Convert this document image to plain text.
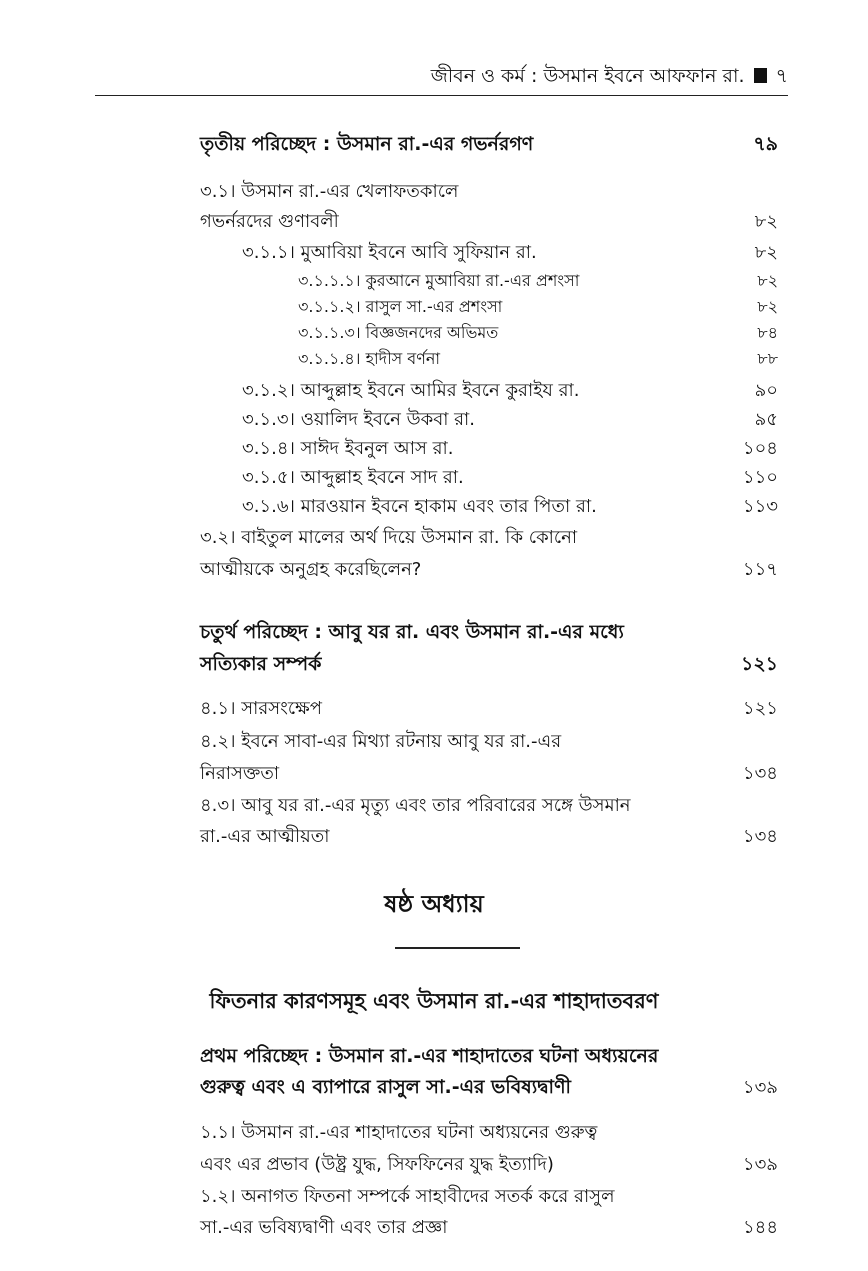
জীবন ও কর্ম : উসমান ইবনে আফফান রা. ৭
তৃতীয় পরিচ্ছেদ : উসমান রা.-এর গভর্নরগণ	৭৯
৩.১। উসমান রা.-এর খেলাফতকালে
গভর্নরদের গুণাবলী	৮২
৩.১.১। মুআবিয়া ইবনে আবি সুফিয়ান রা.	৮২
৩.১.১.১। কুরআনে মুআবিয়া রা.-এর প্রশংসা	৮২
৩.১.১.২। রাসুল সা.-এর প্রশংসা	৮২
৩.১.১.৩। বিজ্ঞজনদের অভিমত	৮৪
৩.১.১.৪। হাদীস বর্ণনা	৮৮
৩.১.২। আব্দুল্লাহ ইবনে আমির ইবনে কুরাইয রা.	৯০
৩.১.৩। ওয়ালিদ ইবনে উকবা রা.	৯৫
৩.১.৪। সাঈদ ইবনুল আস রা.	১০৪
৩.১.৫। আব্দুল্লাহ ইবনে সাদ রা.	১১০
৩.১.৬। মারওয়ান ইবনে হাকাম এবং তার পিতা রা.	১১৩
৩.২। বাইতুল মালের অর্থ দিয়ে উসমান রা. কি কোনো
আত্মীয়কে অনুগ্রহ করেছিলেন?	১১৭
চতুর্থ পরিচ্ছেদ : আবু যর রা. এবং উসমান রা.-এর মধ্যে
সত্যিকার সম্পর্ক	১২১
৪.১। সারসংক্ষেপ	১২১
৪.২। ইবনে সাবা-এর মিথ্যা রটনায় আবু যর রা.-এর
নিরাসক্ততা	১৩৪
৪.৩। আবু যর রা.-এর মৃত্যু এবং তার পরিবারের সঙ্গে উসমান
রা.-এর আত্মীয়তা	১৩৪
ষষ্ঠ অধ্যায়
ফিতনার কারণসমূহ এবং উসমান রা.-এর শাহাদাতবরণ
প্রথম পরিচ্ছেদ : উসমান রা.-এর শাহাদাতের ঘটনা অধ্যয়নের
গুরুত্ব এবং এ ব্যাপারে রাসুল সা.-এর ভবিষ্যদ্বাণী	১৩৯
১.১। উসমান রা.-এর শাহাদাতের ঘটনা অধ্যয়নের গুরুত্ব
এবং এর প্রভাব (উষ্ট্র যুদ্ধ, সিফফিনের যুদ্ধ ইত্যাদি)	১৩৯
১.২। অনাগত ফিতনা সম্পর্কে সাহাবীদের সতর্ক করে রাসুল
সা.-এর ভবিষ্যদ্বাণী এবং তার প্রজ্ঞা	১৪৪
